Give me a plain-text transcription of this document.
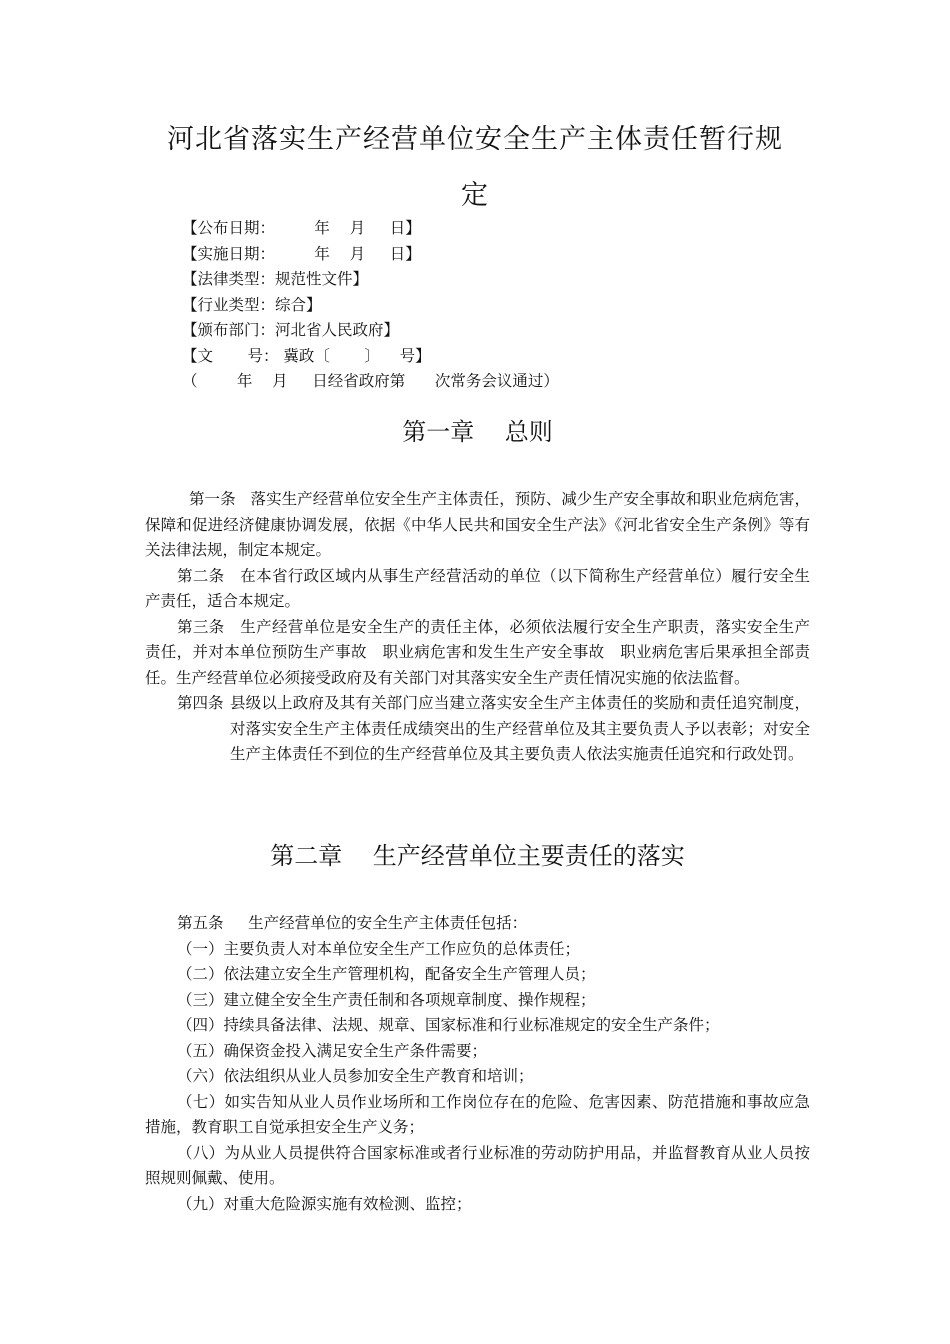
河北省落实生产经营单位安全生产主体责任暂行规
定
【公布日期：        年    月     日】
【实施日期：        年    月     日】
【法律类型：规范性文件】
【行业类型：综合】
【颁布部门：河北省人民政府】
【文       号： 冀政〔       〕    号】
（        年    月     日经省政府第      次常务会议通过）
第一章    总则

第一条   落实生产经营单位安全生产主体责任，预防、减少生产安全事故和职业危病危害，保障和促进经济健康协调发展，依据《中华人民共和国安全生产法》《河北省安全生产条例》等有关法律法规，制定本规定。

第二条   在本省行政区域内从事生产经营活动的单位（以下简称生产经营单位）履行安全生产责任，适合本规定。

第三条   生产经营单位是安全生产的责任主体，必须依法履行安全生产职责，落实安全生产责任，并对本单位预防生产事故   职业病危害和发生生产安全事故   职业病危害后果承担全部责任。生产经营单位必须接受政府及有关部门对其落实安全生产责任情况实施的依法监督。

第四条 县级以上政府及其有关部门应当建立落实安全生产主体责任的奖励和责任追究制度，对落实安全生产主体责任成绩突出的生产经营单位及其主要负责人予以表彰；对安全生产主体责任不到位的生产经营单位及其主要负责人依法实施责任追究和行政处罚。
第二章    生产经营单位主要责任的落实

第五条     生产经营单位的安全生产主体责任包括：

（一）主要负责人对本单位安全生产工作应负的总体责任；

（二）依法建立安全生产管理机构，配备安全生产管理人员；

（三）建立健全安全生产责任制和各项规章制度、操作规程；

（四）持续具备法律、法规、规章、国家标准和行业标准规定的安全生产条件；

（五）确保资金投入满足安全生产条件需要；

（六）依法组织从业人员参加安全生产教育和培训；

（七）如实告知从业人员作业场所和工作岗位存在的危险、危害因素、防范措施和事故应急措施，教育职工自觉承担安全生产义务；

（八）为从业人员提供符合国家标准或者行业标准的劳动防护用品，并监督教育从业人员按照规则佩戴、使用。

（九）对重大危险源实施有效检测、监控；
